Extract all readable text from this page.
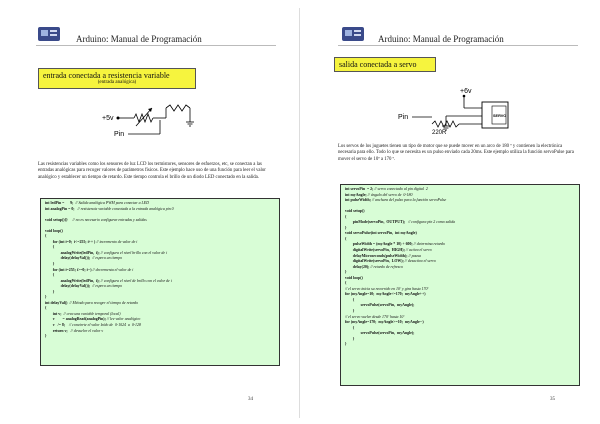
Arduino: Manual de Programación
entrada conectada a resistencia variable
(entrada analógica)
+5v
Pin
Las resistencias variables como los sensores de luz LCD los termistores, sensores de esfuerzos, etc, se conectan a las entradas analógicas para recoger valores de parámetros físicos. Este ejemplo hace uso de una función para leer el valor analógico y establecer un tiempo de retardo. Este tiempo controla el brillo de un diodo LED conectado en la salida.
int ledPin =      9;  // Salida analógica PWM para conectar a LED
int analogPin = 0;   // resistencia variable conectada a la entrada analógica pin 0
void setup(){}     // no es necesario configurar entradas y salidas
void loop()
{
for (int i=0;  i<=255; i++ ) // incremento de valor de i
{
analogWrite(ledPin,  i); // configura el nivel brillo con el valor de i
delay(delayVal());  // espera un tiempo
}
for (int i=255; i>=0; i--) // decrementa el valor de i
{
analogWrite(ledPin,  i); // configura el nivel de brillo con el valor de i
delay(delayVal());  // espera un tiempo
}
}
int delayVal()  // Método para recoger el tiempo de retardo
{
int v;  // crea una variable temporal (local)
v        = analogRead(analogPin); // lee valor analógico
v   /= 8;    // convierte el valor leído de  0-1024  a  0-128
return v;   // devuelve el valor v
}
34
Arduino: Manual de Programación
salida conectada a servo
+6v
Pin
220R
SERVO
Los servos de los juguetes tienen un tipo de motor que se puede mover en un arco de 180 º y contienen la electrónica necesaria para ello. Todo lo que se necesita es un pulso enviado cada 20ms. Este ejemplo utiliza la función servoPulse para mover el servo de 10º a 170 º.
int servoPin  = 2; // servo conectado al pin digital  2
int myAngle; // ángulo del servo de  0-180
int pulseWidth; // anchura del pulso para la función servoPulse
void setup()
{
pinMode(servoPin,  OUTPUT);   // configura pin 2 como salida
}
void servoPulse(int servoPin,  int myAngle)
{
pulseWidth = (myAngle * 10) + 600; // determina retardo
digitalWrite(servoPin,  HIGH); // activa el servo
delayMicroseconds(pulseWidth); // pausa
digitalWrite(servoPin,  LOW); // desactiva el servo
delay(20); // retardo de refresco
}
void loop()
{
// el servo inicia su recorrido en 10º y gira hasta 170º
for (myAngle=10;  myAngle<=170;  myAngle++)
{
servoPulse(servoPin,  myAngle);
}
// el servo vuelve desde 170º hasta 10º
for (myAngle=170;  myAngle>=10;  myAngle--)
{
servoPulse(servoPin,  myAngle);
}
}
35
